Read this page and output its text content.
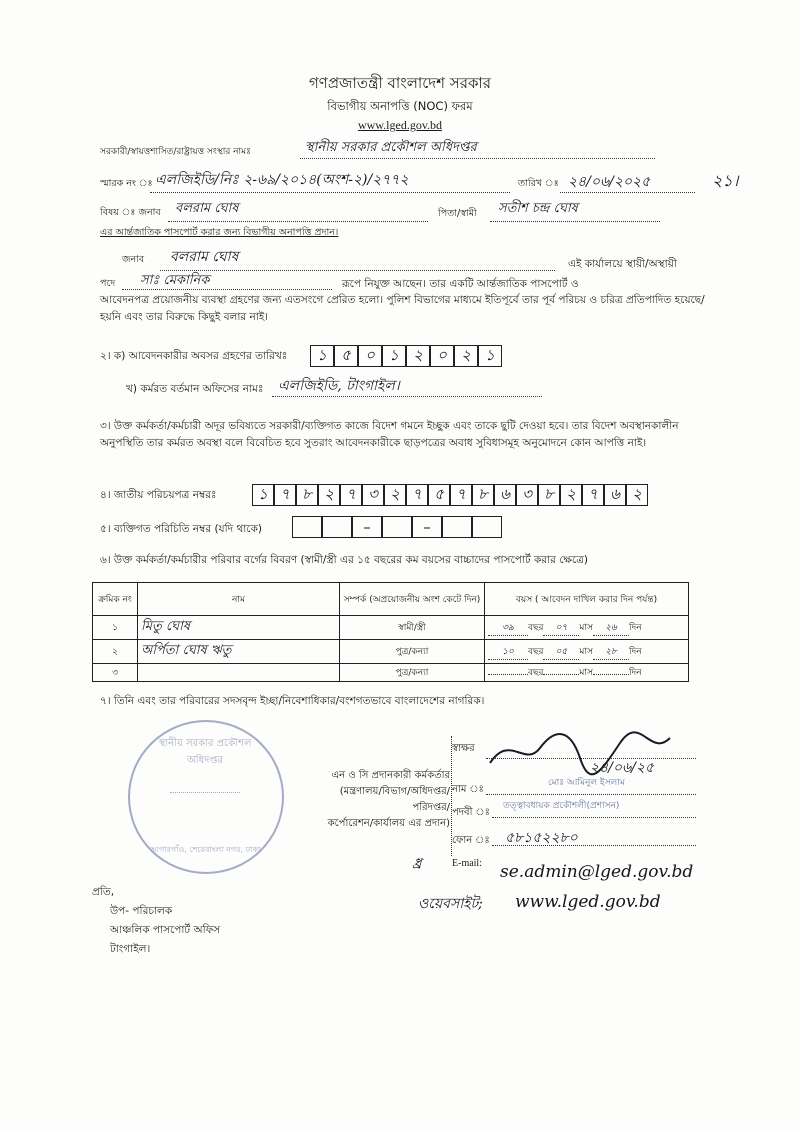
গণপ্রজাতন্ত্রী বাংলাদেশ সরকার
বিভাগীয় অনাপত্তি (NOC) ফরম
www.lged.gov.bd
সরকারী/স্বায়ত্তশাসিত/রাষ্ট্রায়ত্ত সংস্থার নামঃ	স্থানীয় সরকার প্রকৌশল অধিদপ্তর
স্মারক নং ঃ এলজিইডি/নিঃ ২-৬৯/২০১৪(অংশ-২)/২৭৭২	তারিখ ঃ ২৪/০৬/২০২৫	২১।
বিষয় ঃ জনাব বলরাম ঘোষ	পিতা/স্বামী সতীশ চন্দ্র ঘোষ
এর আর্ন্তজাতিক পাসপোর্ট করার জন্য বিভাগীয় অনাপত্তি প্রদান।
জনাব বলরাম ঘোষ	এই কার্যালয়ে স্থায়ী/অস্থায়ী
পদে সাঃ মেকানিক	রূপে নিযুক্ত আছেন। তার একটি আর্ন্তজাতিক পাসপোর্ট ও
আবেদনপত্র প্রয়োজনীয় ব্যবস্থা গ্রহণের জন্য এতসংগে প্রেরিত হলো। পুলিশ বিভাগের মাধ্যমে ইতিপূর্বে তার পূর্ব পরিচয় ও চরিত্র প্রতিপাদিত হয়েছে/হয়নি এবং তার বিরুদ্ধে কিছুই বলার নাই।
২। ক) আবেদনকারীর অবসর গ্রহণের তারিখঃ	১ ৫ ০ ১ ২ ০ ২ ১
খ) কর্মরত বর্তমান অফিসের নামঃ এলজিইডি, টাংগাইল।
৩। উক্ত কর্মকর্তা/কর্মচারী অদূর ভবিষ্যতে সরকারী/ব্যক্তিগত কাজে বিদেশ গমনে ইচ্ছুক এবং তাকে ছুটি দেওয়া হবে। তার বিদেশ অবস্থানকালীন অনুপস্থিতি তার কর্মরত অবস্থা বলে বিবেচিত হবে সুতরাং আবেদনকারীকে ছাড়পত্রের অবাধ সুবিধাসমূহ অনুমোদনে কোন আপত্তি নাই।
৪। জাতীয় পরিচয়পত্র নম্বরঃ	১ ৭ ৮ ২ ৭ ৩ ২ ৭ ৫ ৭ ৮ ৬ ৩ ৮ ২ ৭ ৬ ২
৫। ব্যক্তিগত পরিচিতি নম্বর (যদি থাকে)	–	–
৬। উক্ত কর্মকর্তা/কর্মচারীর পরিবার বর্গের বিবরণ (স্বামী/স্ত্রী এর ১৫ বছরের কম বয়সের বাচ্চাদের পাসপোর্ট করার ক্ষেত্রে)
ক্রমিক নং	নাম	সম্পর্ক (অপ্রয়োজনীয় অংশ কেটে দিন)	বয়স ( আবেদন দাখিল করার দিন পর্যন্ত)
১	মিতু ঘোষ	স্বামী/স্ত্রী	৩৯ বছর ০৭ মাস ২৬ দিন
২	অর্পিতা ঘোষ ঋতু	পুত্র/কন্যা	১০ বছর ০৫ মাস ২৮ দিন
৩		পুত্র/কন্যা	বছর মাস দিন
৭। তিনি এবং তার পরিবারের সদসবৃন্দ ইচ্ছা/নিবেশাধিকার/বংশগতভাবে বাংলাদেশের নাগরিক।
স্থানীয় সরকার প্রকৌশল অধিদপ্তর
আগারগাঁও, শেরেবাংলা নগর, ঢাকা
এন ও সি প্রদানকারী কর্মকর্তার
(মন্ত্রণালয়/বিভাগ/অধিদপ্তর/পরিদপ্তর/
কর্পোরেশন/কার্যালয় এর প্রদান)
স্বাক্ষর
২৪/০৬/২৫
নাম ঃ
মোঃ আমিনুল ইসলাম
পদবী ঃ
তত্ত্বাবধায়ক প্রকৌশলী(প্রশাসন)
ফোন ঃ ৫৮১৫২২৮০
E-mail:
ধ্র	se.admin@lged.gov.bd
ওয়েবসাইট; www.lged.gov.bd
প্রতি,
উপ- পরিচালক
আঞ্চলিক পাসপোর্ট অফিস
টাংগাইল।
